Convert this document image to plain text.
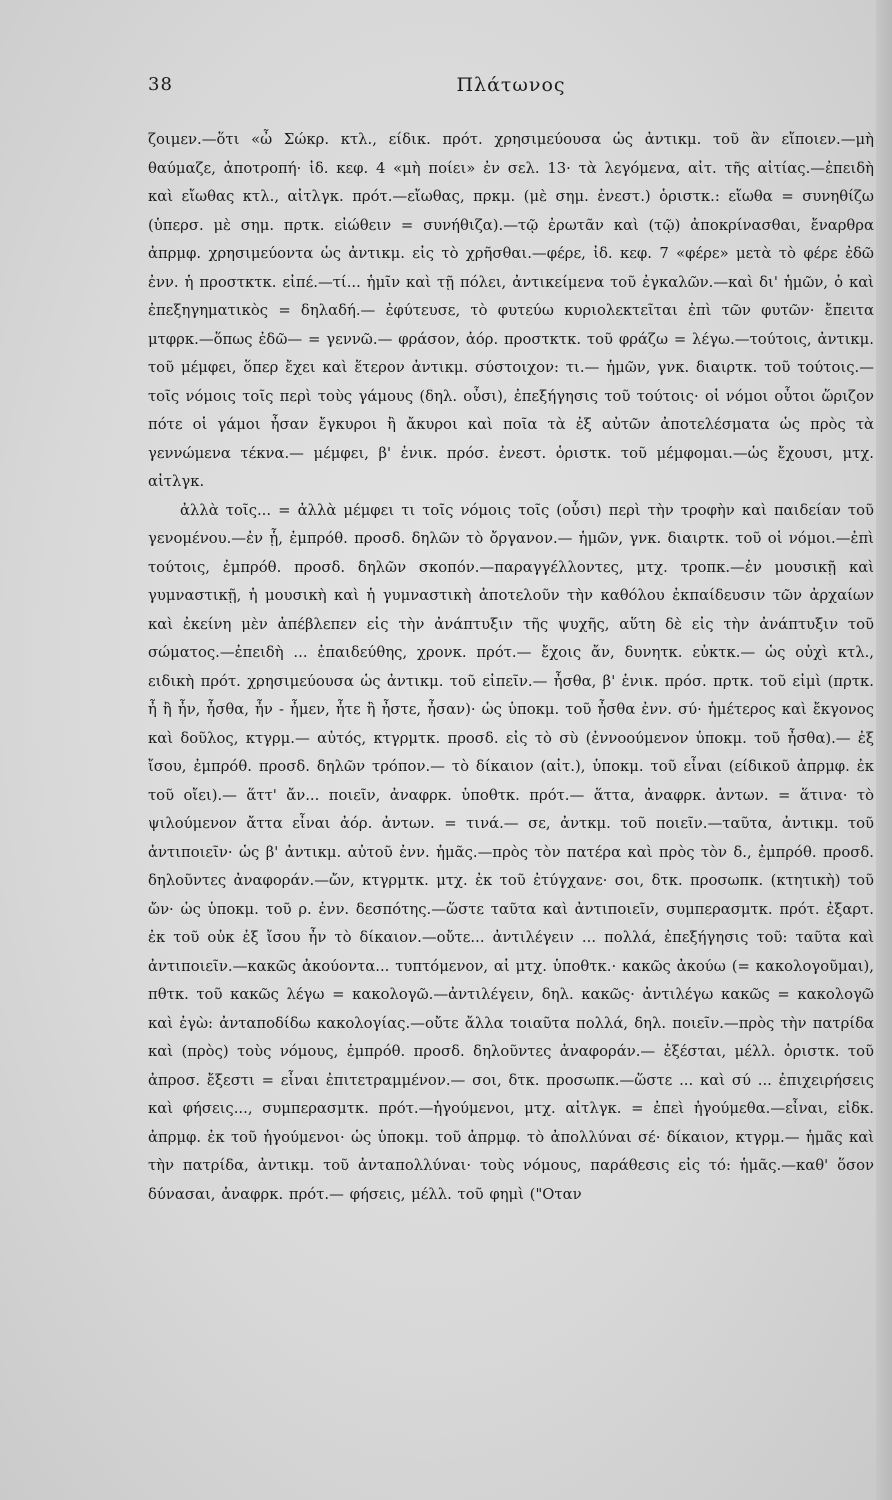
38	Πλάτωνος

ζοιμεν.—ὅτι «ὦ Σώκρ. κτλ., είδικ. πρότ. χρησιμεύουσα ὡς ἀντικμ. τοῦ ἂν εἴποιεν.—μὴ θαύμαζε, ἀποτροπή· ἰδ. κεφ. 4 «μὴ ποίει» ἐν σελ. 13· τὰ λεγόμενα, αἰτ. τῆς αἰτίας.—ἐπειδὴ καὶ εἴωθας κτλ., αἰτλγκ. πρότ.—εἴωθας, πρκμ. (μὲ σημ. ἐνεστ.) ὁριστκ.: εἴωθα = συνηθίζω (ὑπερσ. μὲ σημ. πρτκ. εἰώθειν = συνήθιζα).—τῷ ἐρωτᾶν καὶ (τῷ) ἀποκρίνασθαι, ἔναρθρα ἀπρμφ. χρησιμεύοντα ὡς ἀντικμ. εἰς τὸ χρῆσθαι.—φέρε, ἰδ. κεφ. 7 «φέρε» μετὰ τὸ φέρε ἐδῶ ἐνν. ἡ προστκτκ. εἰπέ.—τί... ἡμῖν καὶ τῇ πόλει, ἀντικείμενα τοῦ ἐγκαλῶν.—καὶ δι' ἡμῶν, ὁ καὶ ἐπεξηγηματικὸς = δηλαδή.— ἐφύτευσε, τὸ φυτεύω κυριολεκτεῖται ἐπὶ τῶν φυτῶν· ἔπειτα μτφρκ.—ὅπως ἐδῶ— = γεννῶ.— φράσον, ἀόρ. προστκτκ. τοῦ φράζω = λέγω.—τούτοις, ἀντικμ. τοῦ μέμφει, ὅπερ ἔχει καὶ ἕτερον ἀντικμ. σύστοιχον: τι.— ἡμῶν, γνκ. διαιρτκ. τοῦ τούτοις.— τοῖς νόμοις τοῖς περὶ τοὺς γάμους (δηλ. οὖσι), ἐπεξήγησις τοῦ τούτοις· οἱ νόμοι οὗτοι ὥριζον πότε οἱ γάμοι ἦσαν ἔγκυροι ἢ ἄκυροι καὶ ποῖα τὰ ἐξ αὐτῶν ἀποτελέσματα ὡς πρὸς τὰ γεννώμενα τέκνα.— μέμφει, β' ἑνικ. πρόσ. ἐνεστ. ὁριστκ. τοῦ μέμφομαι.—ὡς ἔχουσι, μτχ. αἰτλγκ.

ἀλλὰ τοῖς... = ἀλλὰ μέμφει τι τοῖς νόμοις τοῖς (οὖσι) περὶ τὴν τροφὴν καὶ παιδείαν τοῦ γενομένου.—ἐν ᾗ, ἐμπρόθ. προσδ. δηλῶν τὸ ὄργανον.— ἡμῶν, γνκ. διαιρτκ. τοῦ οἱ νόμοι.—ἐπὶ τούτοις, ἐμπρόθ. προσδ. δηλῶν σκοπόν.—παραγγέλλοντες, μτχ. τροπκ.—ἐν μουσικῇ καὶ γυμναστικῇ, ἡ μουσικὴ καὶ ἡ γυμναστικὴ ἀποτελοῦν τὴν καθόλου ἐκπαίδευσιν τῶν ἀρχαίων καὶ ἐκείνη μὲν ἀπέβλεπεν εἰς τὴν ἀνάπτυξιν τῆς ψυχῆς, αὕτη δὲ εἰς τὴν ἀνάπτυξιν τοῦ σώματος.—ἐπειδὴ ... ἐπαιδεύθης, χρονκ. πρότ.— ἔχοις ἄν, δυνητκ. εὐκτκ.— ὡς οὐχὶ κτλ., ειδικὴ πρότ. χρησιμεύουσα ὡς ἀντικμ. τοῦ εἰπεῖν.— ἦσθα, β' ἑνικ. πρόσ. πρτκ. τοῦ εἰμὶ (πρτκ. ἦ ἢ ἦν, ἦσθα, ἦν - ἦμεν, ἦτε ἢ ἦστε, ἦσαν)· ὡς ὑποκμ. τοῦ ἦσθα ἐνν. σύ· ἡμέτερος καὶ ἔκγονος καὶ δοῦλος, κτγρμ.— αὐτός, κτγρμτκ. προσδ. εἰς τὸ σὺ (ἐννοούμενον ὑποκμ. τοῦ ἦσθα).— ἐξ ἴσου, ἐμπρόθ. προσδ. δηλῶν τρόπον.— τὸ δίκαιον (αἰτ.), ὑποκμ. τοῦ εἶναι (είδικοῦ ἀπρμφ. ἐκ τοῦ οἴει).— ἅττ' ἄν... ποιεῖν, ἀναφρκ. ὑποθτκ. πρότ.— ἅττα, ἀναφρκ. ἀντων. = ἅτινα· τὸ ψιλούμενον ἄττα εἶναι ἀόρ. ἀντων. = τινά.— σε, ἀντκμ. τοῦ ποιεῖν.—ταῦτα, ἀντικμ. τοῦ ἀντιποιεῖν· ὡς β' ἀντικμ. αὐτοῦ ἐνν. ἡμᾶς.—πρὸς τὸν πατέρα καὶ πρὸς τὸν δ., ἐμπρόθ. προσδ. δηλοῦντες ἀναφοράν.—ὤν, κτγρμτκ. μτχ. ἐκ τοῦ ἐτύγχανε· σοι, δτκ. προσωπκ. (κτητικὴ) τοῦ ὤν· ὡς ὑποκμ. τοῦ ρ. ἐνν. δεσπότης.—ὥστε ταῦτα καὶ ἀντιποιεῖν, συμπερασμτκ. πρότ. ἐξαρτ. ἐκ τοῦ οὐκ ἐξ ἴσου ἦν τὸ δίκαιον.—οὔτε... ἀντιλέγειν ... πολλά, ἐπεξήγησις τοῦ: ταῦτα καὶ ἀντιποιεῖν.—κακῶς ἀκούοντα... τυπτόμενον, αἱ μτχ. ὑποθτκ.· κακῶς ἀκούω (= κακολογοῦμαι), πθτκ. τοῦ κακῶς λέγω = κακολογῶ.—ἀντιλέγειν, δηλ. κακῶς· ἀντιλέγω κακῶς = κακολογῶ καὶ ἐγὼ: ἀνταποδίδω κακολογίας.—οὔτε ἄλλα τοιαῦτα πολλά, δηλ. ποιεῖν.—πρὸς τὴν πατρίδα καὶ (πρὸς) τοὺς νόμους, ἐμπρόθ. προσδ. δηλοῦντες ἀναφοράν.— ἐξέσται, μέλλ. ὁριστκ. τοῦ ἀπροσ. ἔξεστι = εἶναι ἐπιτετραμμένον.— σοι, δτκ. προσωπκ.—ὥστε ... καὶ σύ ... ἐπιχειρήσεις καὶ φήσεις..., συμπερασμτκ. πρότ.—ἡγούμενοι, μτχ. αἰτλγκ. = ἐπεὶ ἡγούμεθα.—εἶναι, εἰδκ. ἀπρμφ. ἐκ τοῦ ἡγούμενοι· ὡς ὑποκμ. τοῦ ἀπρμφ. τὸ ἀπολλύναι σέ· δίκαιον, κτγρμ.— ἡμᾶς καὶ τὴν πατρίδα, ἀντικμ. τοῦ ἀνταπολλύναι· τοὺς νόμους, παράθεσις εἰς τό: ἡμᾶς.—καθ' ὅσον δύνασαι, ἀναφρκ. πρότ.— φήσεις, μέλλ. τοῦ φημὶ ("Οταν
